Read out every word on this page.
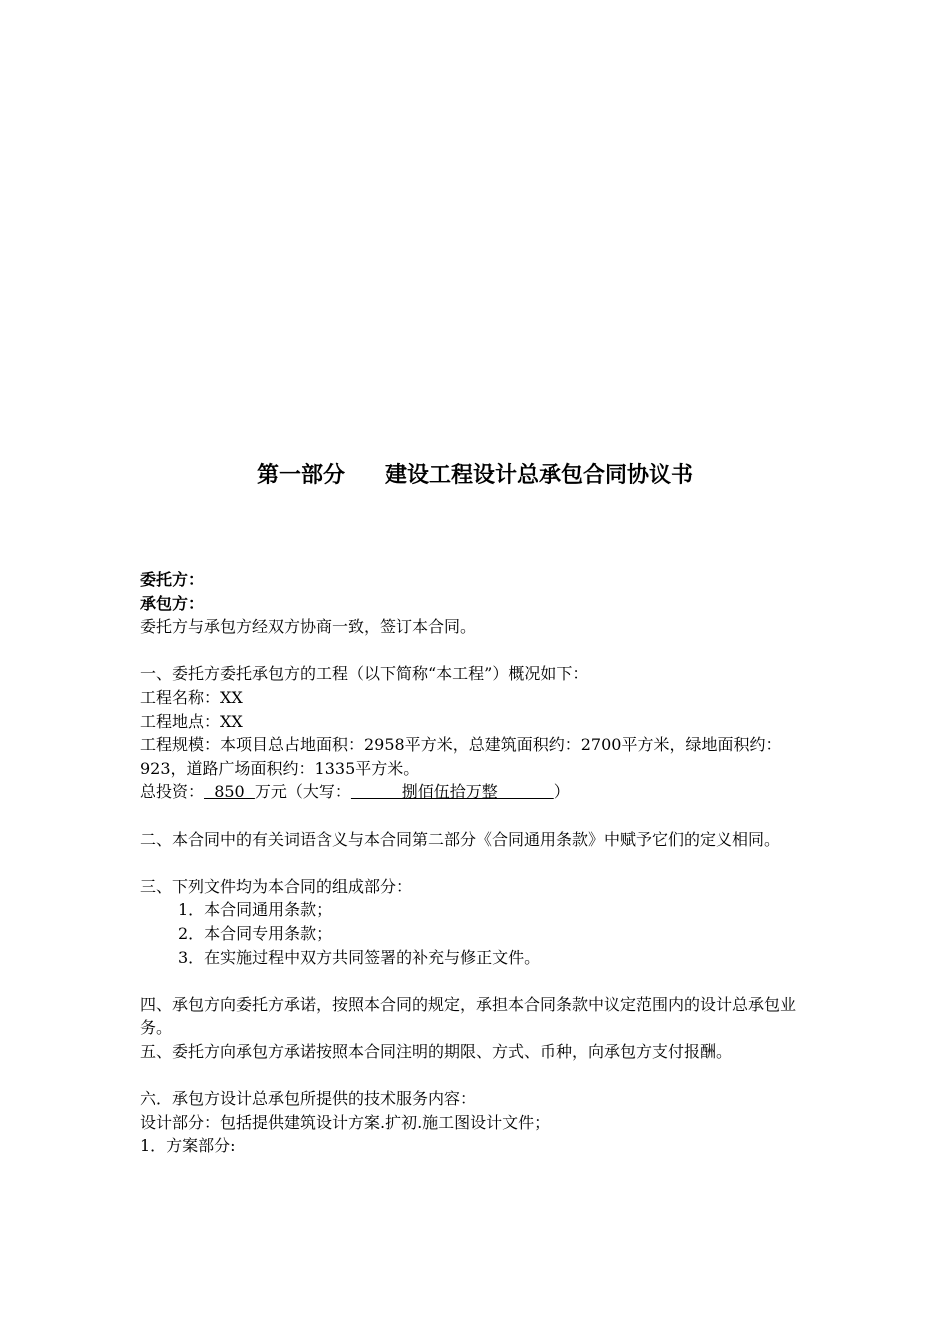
第一部分 建设工程设计总承包合同协议书
委托方：
承包方：
委托方与承包方经双方协商一致，签订本合同。
一、委托方委托承包方的工程（以下简称“本工程”）概况如下：
工程名称：XX
工程地点：XX
工程规模：本项目总占地面积：2958平方米，总建筑面积约：2700平方米，绿地面积约：923，道路广场面积约：1335平方米。
总投资：  850  万元（大写：          捌佰伍拾万整           ）
二、本合同中的有关词语含义与本合同第二部分《合同通用条款》中赋予它们的定义相同。
三、下列文件均为本合同的组成部分：
1．本合同通用条款；
2．本合同专用条款；
3．在实施过程中双方共同签署的补充与修正文件。
四、承包方向委托方承诺，按照本合同的规定，承担本合同条款中议定范围内的设计总承包业务。
五、委托方向承包方承诺按照本合同注明的期限、方式、币种，向承包方支付报酬。
六．承包方设计总承包所提供的技术服务内容：
设计部分：包括提供建筑设计方案.扩初.施工图设计文件；
1．方案部分:
